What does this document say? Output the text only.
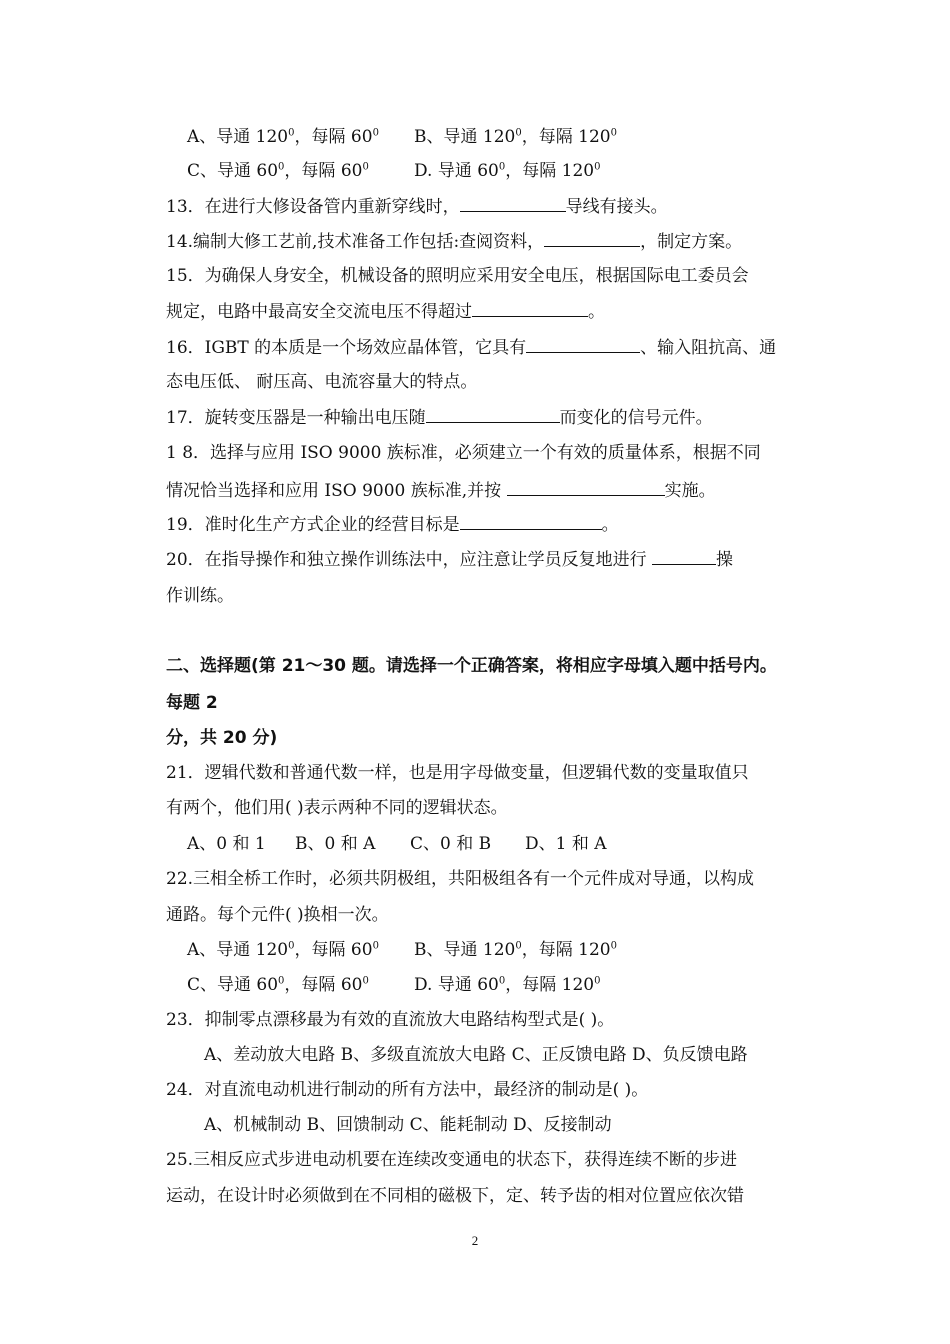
A、导通 $120^0$，每隔 $60^0$ B、导通 $120^0$，每隔 $120^0$
C、导通 $60^0$，每隔 $60^0$	D. 导通 $60^0$，每隔 $120^0$
13．在进行大修设备管内重新穿线时，	导线有接头。
14.编制大修工艺前,技术准备工作包括:查阅资料，	，制定方案。
15．为确保人身安全，机械设备的照明应采用安全电压，根据国际电工委员会
规定，电路中最高安全交流电压不得超过	。
16．IGBT 的本质是一个场效应晶体管，它具有	、输入阻抗高、通
态电压低、 耐压高、电流容量大的特点。
17．旋转变压器是一种输出电压随	而变化的信号元件。
1 8．选择与应用 ISO 9000 族标准，必须建立一个有效的质量体系，根据不同
情况恰当选择和应用 ISO 9000 族标准,并按	实施。
19．准时化生产方式企业的经营目标是	。
20．在指导操作和独立操作训练法中，应注意让学员反复地进行	操
作训练。
二、选择题(第 21～30 题。请选择一个正确答案，将相应字母填入题中括号内。
每题 2
分，共 20 分)
21．逻辑代数和普通代数一样，也是用字母做变量，但逻辑代数的变量取值只
有两个，他们用( )表示两种不同的逻辑状态。
A、0 和 1 B、0 和 A C、0 和 B D、1 和 A
22.三相全桥工作时，必须共阴极组，共阳极组各有一个元件成对导通，以构成
通路。每个元件( )换相一次。
A、导通 $120^0$，每隔 $60^0$ B、导通 $120^0$，每隔 $120^0$
C、导通 $60^0$，每隔 $60^0$	D. 导通 $60^0$，每隔 $120^0$
23．抑制零点漂移最为有效的直流放大电路结构型式是( )。
A、差动放大电路 B、多级直流放大电路 C、正反馈电路 D、负反馈电路
24．对直流电动机进行制动的所有方法中，最经济的制动是( )。
A、机械制动 B、回馈制动 C、能耗制动 D、反接制动
25.三相反应式步进电动机要在连续改变通电的状态下，获得连续不断的步进
运动，在设计时必须做到在不同相的磁极下，定、转予齿的相对位置应依次错
2
